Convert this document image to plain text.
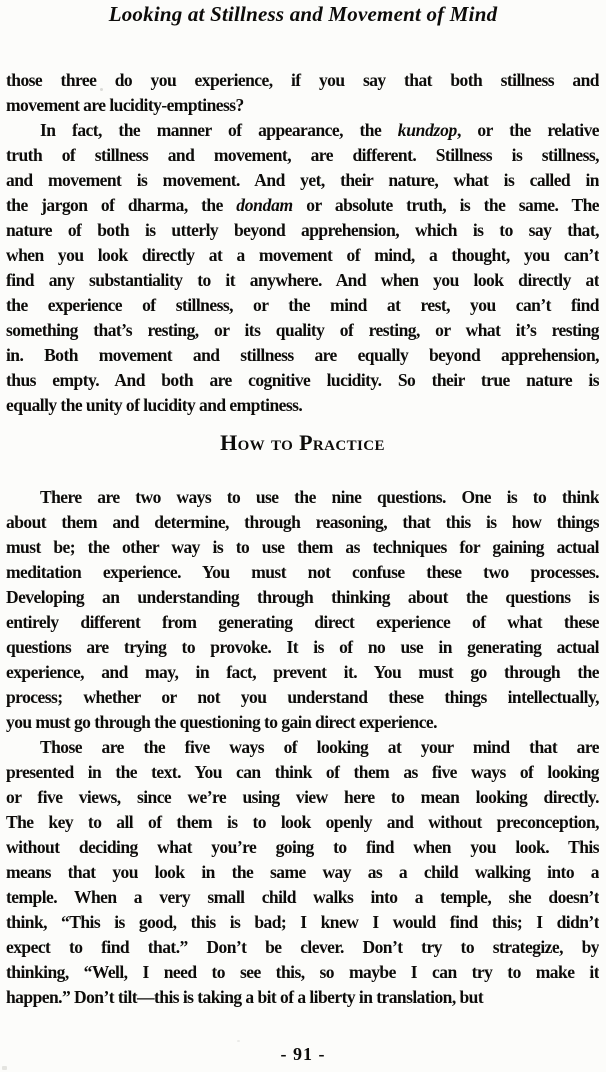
Looking at Stillness and Movement of Mind
those three do you experience, if you say that both stillness and
movement are lucidity-emptiness?
In fact, the manner of appearance, the kundzop, or the relative
truth of stillness and movement, are different. Stillness is stillness,
and movement is movement. And yet, their nature, what is called in
the jargon of dharma, the dondam or absolute truth, is the same. The
nature of both is utterly beyond apprehension, which is to say that,
when you look directly at a movement of mind, a thought, you can’t
find any substantiality to it anywhere. And when you look directly at
the experience of stillness, or the mind at rest, you can’t find
something that’s resting, or its quality of resting, or what it’s resting
in. Both movement and stillness are equally beyond apprehension,
thus empty. And both are cognitive lucidity. So their true nature is
equally the unity of lucidity and emptiness.
How to Practice
There are two ways to use the nine questions. One is to think
about them and determine, through reasoning, that this is how things
must be; the other way is to use them as techniques for gaining actual
meditation experience. You must not confuse these two processes.
Developing an understanding through thinking about the questions is
entirely different from generating direct experience of what these
questions are trying to provoke. It is of no use in generating actual
experience, and may, in fact, prevent it. You must go through the
process; whether or not you understand these things intellectually,
you must go through the questioning to gain direct experience.
Those are the five ways of looking at your mind that are
presented in the text. You can think of them as five ways of looking
or five views, since we’re using view here to mean looking directly.
The key to all of them is to look openly and without preconception,
without deciding what you’re going to find when you look. This
means that you look in the same way as a child walking into a
temple. When a very small child walks into a temple, she doesn’t
think, “This is good, this is bad; I knew I would find this; I didn’t
expect to find that.” Don’t be clever. Don’t try to strategize, by
thinking, “Well, I need to see this, so maybe I can try to make it
happen.” Don’t tilt—this is taking a bit of a liberty in translation, but
- 91 -
